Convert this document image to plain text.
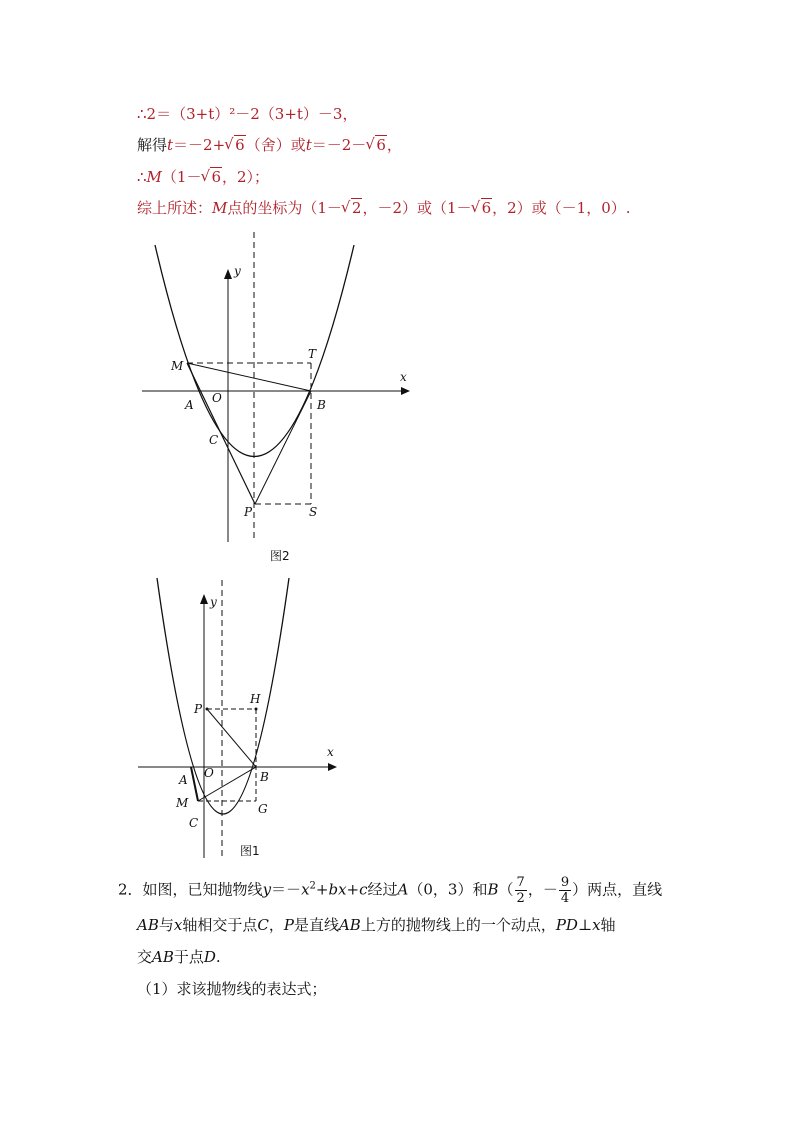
∴2＝（3+t）²－2（3+t）－3，
解得t＝－2+ √ 6（舍）或t＝－2－ √ 6，
∴M（1－ √ 6，2）；
综上所述：M点的坐标为（1－ √ 2，－2）或（1－ √ 6，2）或（－1，0）.
y
x
M
T
A O	B
C
P	S
图2
y
x
H
P
A O	B
M	G
C
图1
2．如图，已知抛物线$y=-x^2+bx+c$经过A（0，3）和$B( \frac{7}{2}$ ，－ $\frac{9}{4}$ ）两点，直线
AB与x轴相交于点C，P是直线AB上方的抛物线上的一个动点，PD⊥x轴
交AB于点D.
（1）求该抛物线的表达式；
